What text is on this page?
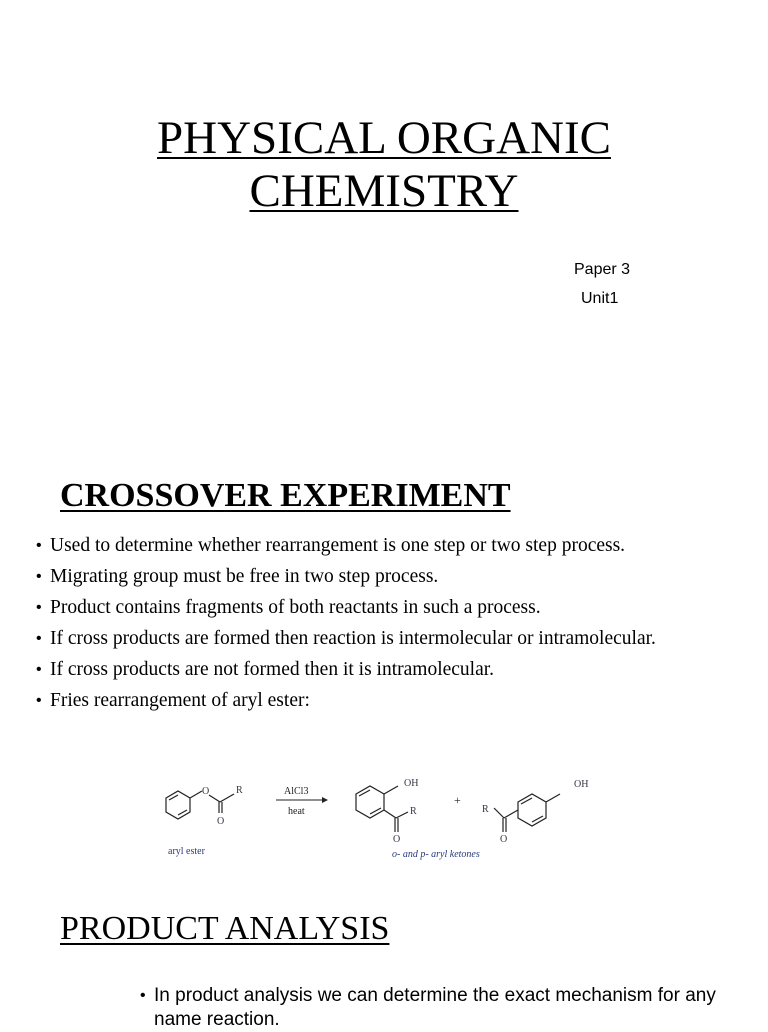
PHYSICAL ORGANIC
CHEMISTRY
Paper 3
Unit1
CROSSOVER EXPERIMENT
• Used to determine whether rearrangement is one step or two step process.
• Migrating group must be free in two step process.
• Product contains fragments of both reactants in such a process.
• If cross products are formed then reaction is intermolecular or intramolecular.
• If cross products are not formed then it is intramolecular.
• Fries rearrangement of aryl ester:
O	R
O
aryl ester
AlCl3
heat
OH
R
O
+
R
O
OH
o- and p- aryl ketones
PRODUCT ANALYSIS
• In product analysis we can determine the exact mechanism for any name reaction.
